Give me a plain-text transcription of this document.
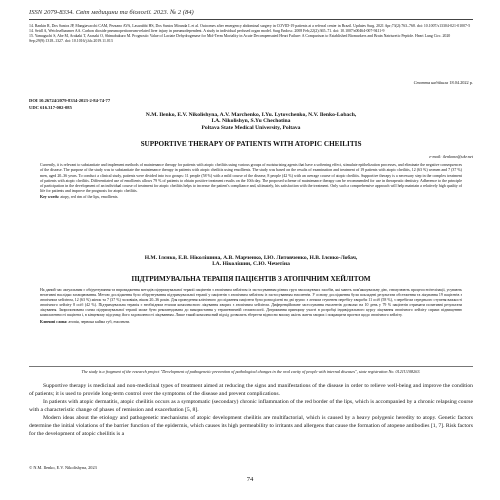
ISSN 2079-8334. Світ медицини та біології. 2023. № 2 (84)

14. Rankin R, Dos Santos JP, Mangiavacchi CAM, Pezzano AVA, Lasarabbi HS, Dos Santos Miranda L et al. Outcomes after emergency abdominal surgery in COVID-19 patients at a referral center in Brazil. Updates Surg. 2021 Apr;73(2):763–768. doi: 10.1007/s13304-021-01007-5

14. Seidl A, Weichselbaumer AA. Carbon dioxide pneumoperitoneum-related liver injury in pneumodependent. A study in individual perfused organ model. Surg Endosc. 2008 Feb;22(2):365–71. doi: 10.1007/s00464-007-9411-9

15. Yamaguchi S, Abe M, Arakaki T, Arasaki O, Shimabukuro M. Prognostic Value of Lactate Dehydrogenase for Mid-Term Mortality in Acute Decompensated Heart Failure: A Comparison to Established Biomarkers and Brain Natriuretic Peptide. Heart Lung Circ. 2020 Sep;29(9):1318–1327. doi: 10.1016/j.hlc.2019.11.013

Стаття надійшла 18.04.2022 р.

DOI 10.26724/2079-8334-2023-2-84-74-77

UDC 616.317-002-085

N.M. Ilenko, E.V. Nikolishyna, A.V. Marchenko, I.Yu. Lytovchenko, N.V. Ilenko-Lobach,

I.A. Nikolishyn, S.Yu Chechotina

Poltava State Medical University, Poltava

SUPPORTIVE THERAPY OF PATIENTS WITH ATOPIC CHEILITIS
e-mail: ilenkonn@ukr.net

Currently, it is relevant to substantiate and implement methods of maintenance therapy for patients with atopic cheilitis using various groups of moisturizing agents that have a softening effect, stimulate epithelization processes, and eliminate the negative consequences of the disease. The purpose of the study was to substantiate the maintenance therapy in patients with atopic cheilitis using emollients. The study was based on the results of examination and treatment of 19 patients with atopic cheilitis, 12 (63 %) women and 7 (37 %) men, aged 20–36 years. To conduct a clinical study, patients were divided into two groups: 11 people (58 %) with a mild course of the disease, 8 people (42 %) with an average course of atopic cheilitis. Supportive therapy is a necessary step in the complex treatment of patients with atopic cheilitis. Differentiated use of emollients allows 79 % of patients to obtain positive treatment results on the 10th day. The proposed scheme of maintenance therapy can be recommended for use in therapeutic dentistry. Adherence to the principle of participation in the development of an individual course of treatment for atopic cheilitis helps to increase the patient's compliance and, ultimately, his satisfaction with the treatment. Only such a comprehensive approach will help maintain a relatively high quality of life for patients and improve the prognosis for atopic cheilitis.

Key words: atopy, red rim of the lips, emollients.

Н.М. Ілєнко, Е.В. Ніколішина, А.В. Марченко, І.Ю. Литовченко, Н.В. Ілєнко-Лобач,

І.А. Ніколішин, С.Ю. Чечетіна

ПІДТРИМУВАЛЬНА ТЕРАПІЯ ПАЦІЄНТІВ З АТОПІЧНИМ ХЕЙЛІТОМ

На даний час актуальним є обґрунтування та впровадження методів підтримувальної терапії пацієнтів з атопічним хейлітом із застосуванням різних груп зволожуючих засобів, які мають пом'якшувальну дію, стимулюють процеси епітелізації, усувають негативні наслідки захворювання. Метою дослідження було обґрунтування підтримувальної терапії у пацієнтів з атопічним хейлітом із застосуванням емолентів. У основу дослідження були покладені результати обстеження та лікування 19 пацієнтів з атопічним хейлітом, 12 (63 %) жінок та 7 (37 %) чоловіків, віком 20–36 років. Для проведення клінічного дослідження пацієнти були розподілені на дві групи: з легким ступенем перебігу хвороби 11 осіб (58 %), з перебігом середнього ступеня важкості атопічного хейліту 8 осіб (42 %). Підтримувальна терапія є необхідним етапом комплексного лікування хворих з атопічним хейлітом. Диференційоване застосування емолентів дозволяє на 10 день у 79 % пацієнтів отримати позитивні результати лікування. Запропонована схема підтримувальної терапії може бути рекомендована до використання у терапевтичній стоматології. Дотримання принципу участі в розробці індивідуального курсу лікування атопічного хейліту сприяє підвищенню комплаєнтності пацієнта і, в кінцевому підсумку, його задоволеності лікуванням. Лише такий комплексний підхід дозволить зберегти відносно високу якість життя хворих і покращити прогноз щодо атопічного хейліту.

Ключові слова: атопія, червона кайма губ, емоленти.

The study is a fragment of the research project "Development of pathogenetic prevention of pathological changes in the oral cavity of people with internal diseases", state registration No. 0121U108263.

Supportive therapy is medicinal and non-medicinal types of treatment aimed at reducing the signs and manifestations of the disease in order to relieve well-being and improve the condition of patients; it is used to provide long-term control over the symptoms of the disease and prevent complications.

In patients with atopic dermatitis, atopic cheilitis occurs as a symptomatic (secondary) chronic inflammation of the red border of the lips, which is accompanied by a chronic relapsing course with a characteristic change of phases of remission and exacerbation [5, 8].

Modern ideas about the etiology and pathogenetic mechanisms of atopic development cheilitis are multifactorial, which is caused by a heavy polygenic heredity to atopy. Genetic factors determine the initial violations of the barrier function of the epidermis, which causes its high permeability to irritants and allergens that cause the formation of atopene antibodies [1, 7]. Risk factors for the development of atopic cheilitis is a

© N.M. Ilenko, E.V. Nikolishyna, 2023
74
